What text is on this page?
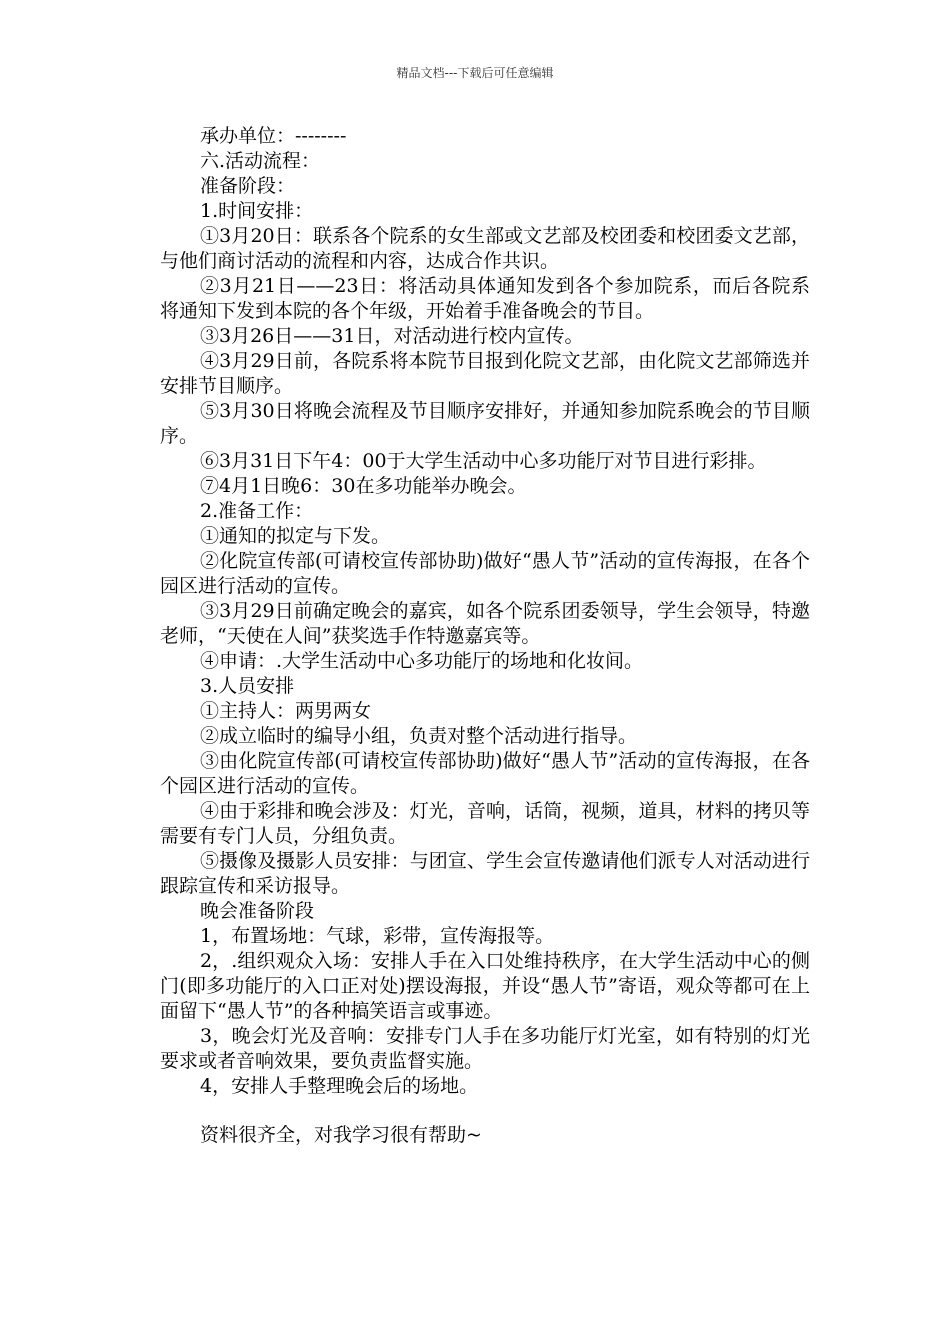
精品文档---下载后可任意编辑

承办单位：--------

六.活动流程：

准备阶段：

1.时间安排：

①3月20日：联系各个院系的女生部或文艺部及校团委和校团委文艺部，与他们商讨活动的流程和内容，达成合作共识。

②3月21日——23日：将活动具体通知发到各个参加院系，而后各院系将通知下发到本院的各个年级，开始着手准备晚会的节目。

③3月26日——31日，对活动进行校内宣传。

④3月29日前，各院系将本院节目报到化院文艺部，由化院文艺部筛选并安排节目顺序。

⑤3月30日将晚会流程及节目顺序安排好，并通知参加院系晚会的节目顺序。

⑥3月31日下午4：00于大学生活动中心多功能厅对节目进行彩排。

⑦4月1日晚6：30在多功能举办晚会。

2.准备工作：

①通知的拟定与下发。

②化院宣传部(可请校宣传部协助)做好“愚人节”活动的宣传海报，在各个园区进行活动的宣传。

③3月29日前确定晚会的嘉宾，如各个院系团委领导，学生会领导，特邀老师，“天使在人间”获奖选手作特邀嘉宾等。

④申请：.大学生活动中心多功能厅的场地和化妆间。

3.人员安排

①主持人：两男两女

②成立临时的编导小组，负责对整个活动进行指导。

③由化院宣传部(可请校宣传部协助)做好“愚人节”活动的宣传海报，在各个园区进行活动的宣传。

④由于彩排和晚会涉及：灯光，音响，话筒，视频，道具，材料的拷贝等需要有专门人员，分组负责。

⑤摄像及摄影人员安排：与团宣、学生会宣传邀请他们派专人对活动进行跟踪宣传和采访报导。

晚会准备阶段

1，布置场地：气球，彩带，宣传海报等。

2，.组织观众入场：安排人手在入口处维持秩序，在大学生活动中心的侧门(即多功能厅的入口正对处)摆设海报，并设“愚人节”寄语，观众等都可在上面留下“愚人节”的各种搞笑语言或事迹。

3，晚会灯光及音响：安排专门人手在多功能厅灯光室，如有特别的灯光要求或者音响效果，要负责监督实施。

4，安排人手整理晚会后的场地。

资料很齐全，对我学习很有帮助~
